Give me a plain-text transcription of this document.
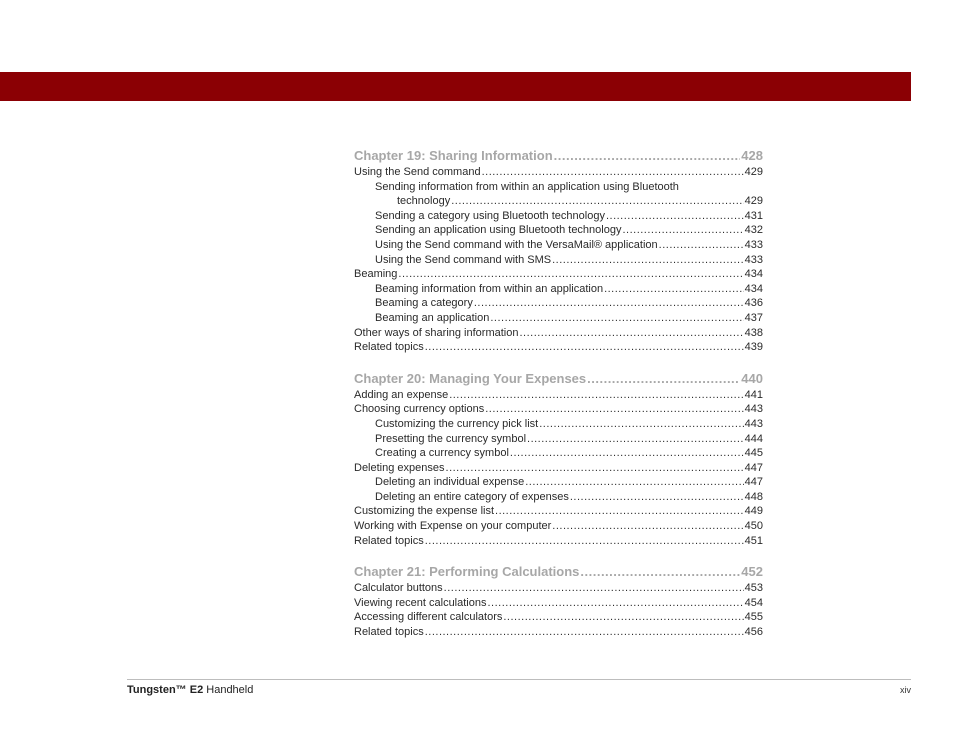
Chapter 19: Sharing Information .....	428
Using the Send command .....	429
Sending information from within an application using Bluetooth
technology .....	429
Sending a category using Bluetooth technology .....	431
Sending an application using Bluetooth technology .....	432
Using the Send command with the VersaMail® application .....	433
Using the Send command with SMS .....	433
Beaming .....	434
Beaming information from within an application .....	434
Beaming a category .....	436
Beaming an application .....	437
Other ways of sharing information .....	438
Related topics .....	439
Chapter 20: Managing Your Expenses .....	440
Adding an expense .....	441
Choosing currency options .....	443
Customizing the currency pick list .....	443
Presetting the currency symbol .....	444
Creating a currency symbol .....	445
Deleting expenses .....	447
Deleting an individual expense .....	447
Deleting an entire category of expenses .....	448
Customizing the expense list .....	449
Working with Expense on your computer .....	450
Related topics .....	451
Chapter 21: Performing Calculations .....	452
Calculator buttons .....	453
Viewing recent calculations .....	454
Accessing different calculators .....	455
Related topics .....	456
Tungsten™ E2 Handheld	xiv
